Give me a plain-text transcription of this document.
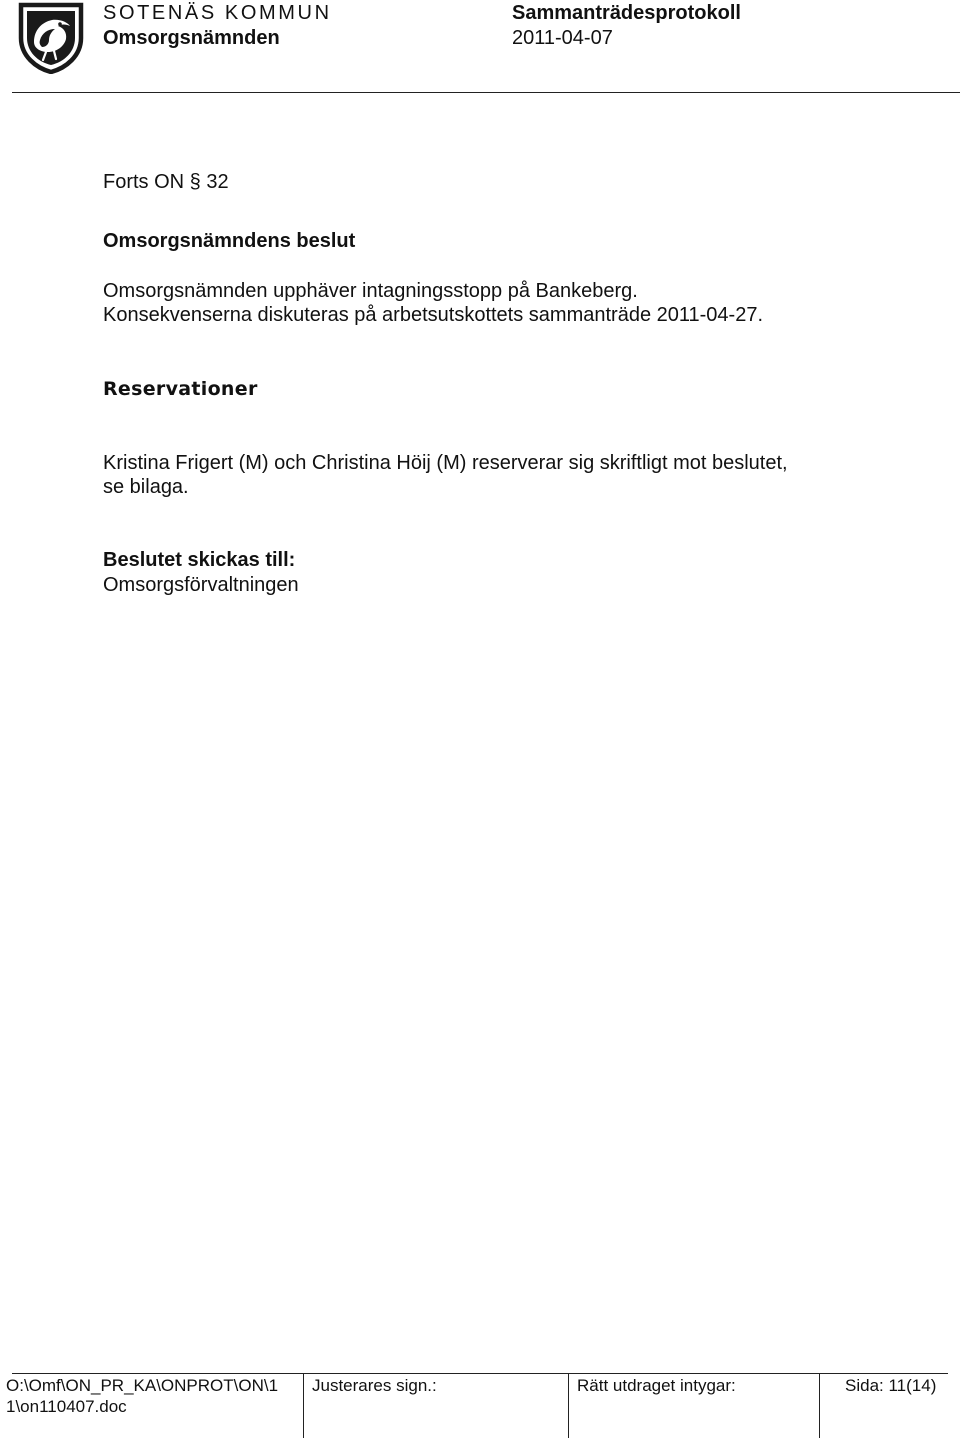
SOTENÄS KOMMUN
Omsorgsnämnden
Sammanträdesprotokoll
2011-04-07
Forts ON § 32
Omsorgsnämndens beslut
Omsorgsnämnden upphäver intagningsstopp på Bankeberg.
Konsekvenserna diskuteras på arbetsutskottets sammanträde 2011-04-27.
Reservationer
Kristina Frigert (M) och Christina Höij (M) reserverar sig skriftligt mot beslutet,
se bilaga.
Beslutet skickas till:
Omsorgsförvaltningen
O:\Omf\ON_PR_KA\ONPROT\ON\1
1\on110407.doc
Justerares sign.:	Rätt utdraget intygar:	Sida: 11(14)
